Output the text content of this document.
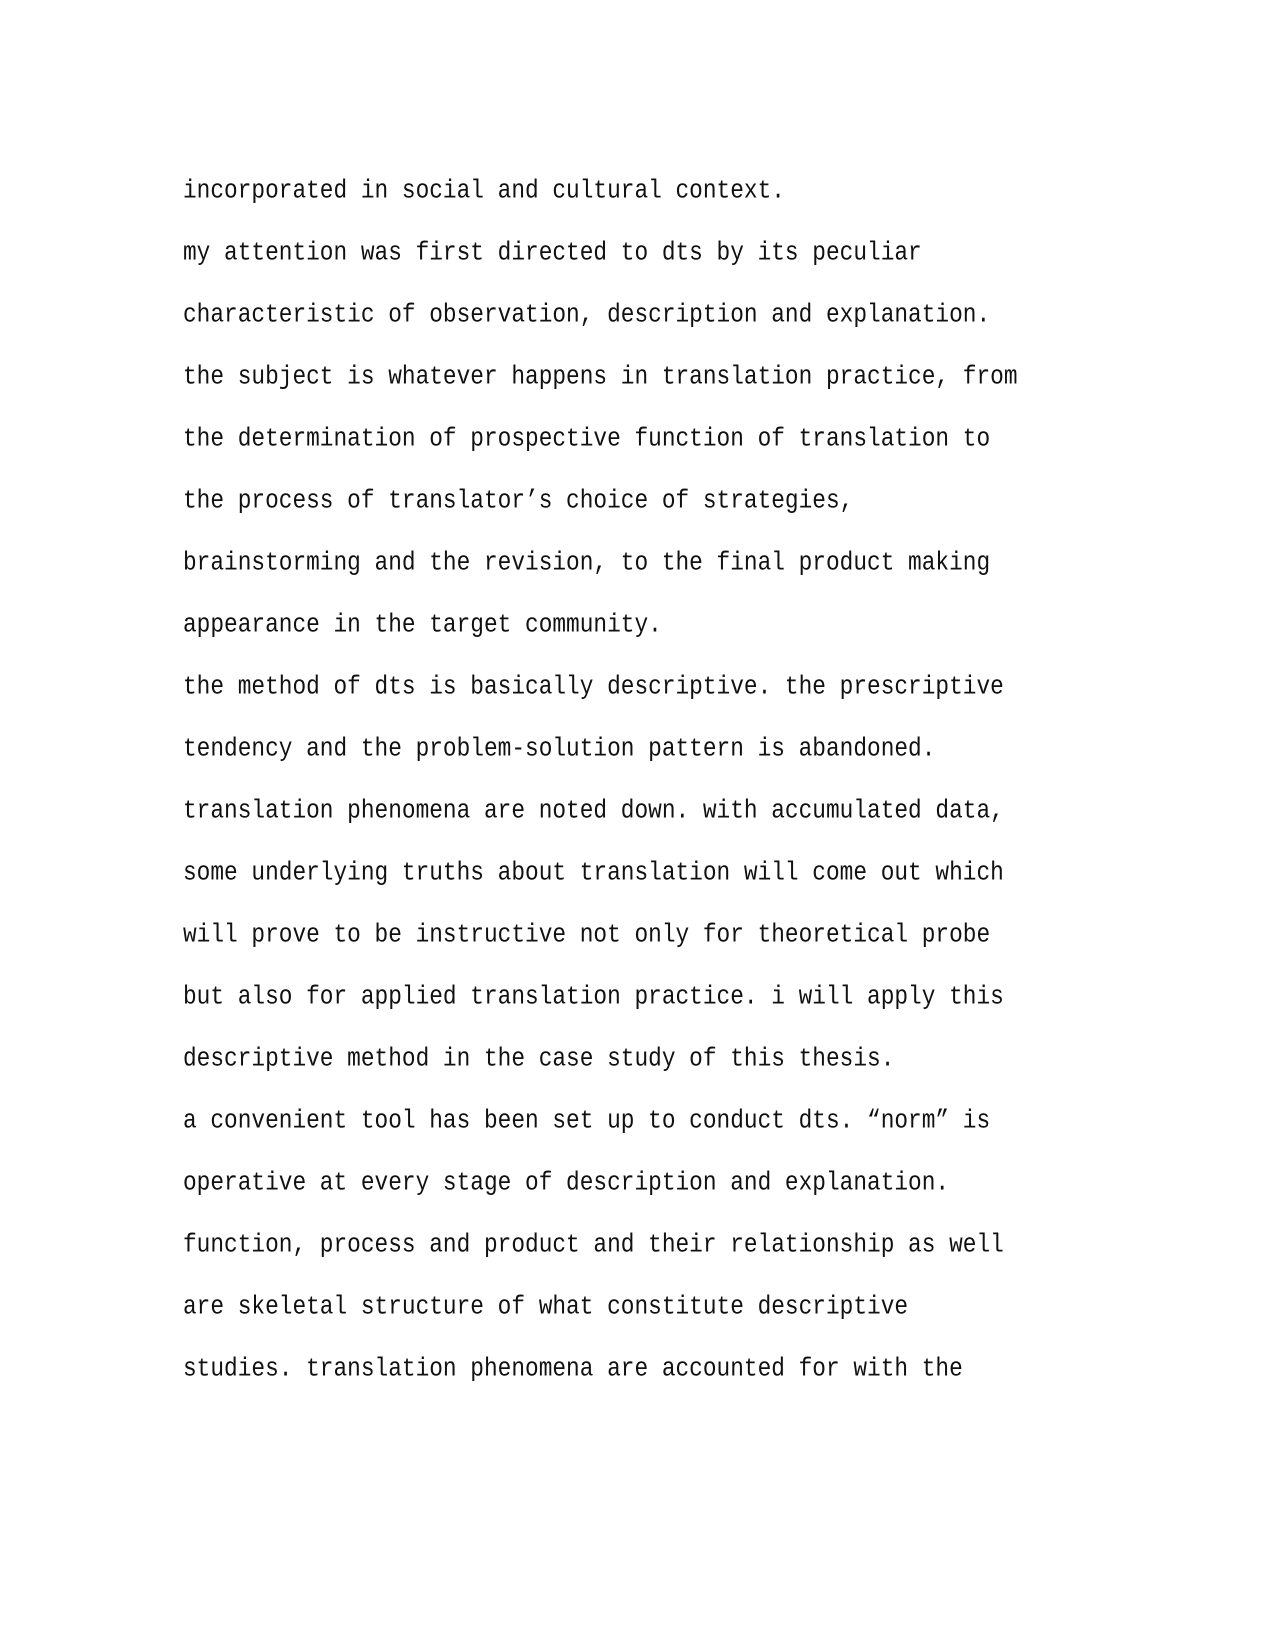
incorporated in social and cultural context.
my attention was first directed to dts by its peculiar
characteristic of observation, description and explanation.
the subject is whatever happens in translation practice, from
the determination of prospective function of translation to
the process of translator’s choice of strategies,
brainstorming and the revision, to the final product making
appearance in the target community.
the method of dts is basically descriptive. the prescriptive
tendency and the problem-solution pattern is abandoned.
translation phenomena are noted down. with accumulated data,
some underlying truths about translation will come out which
will prove to be instructive not only for theoretical probe
but also for applied translation practice. i will apply this
descriptive method in the case study of this thesis.
a convenient tool has been set up to conduct dts. “norm” is
operative at every stage of description and explanation.
function, process and product and their relationship as well
are skeletal structure of what constitute descriptive
studies. translation phenomena are accounted for with the
